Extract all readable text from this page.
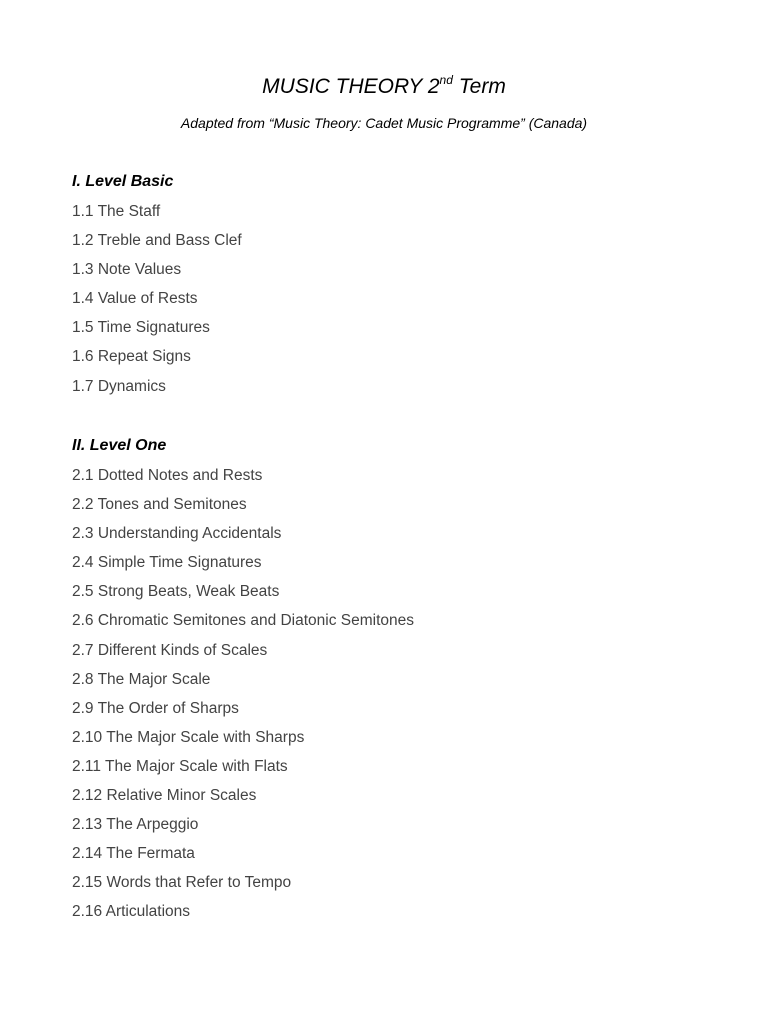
MUSIC THEORY 2nd Term

Adapted from “Music Theory: Cadet Music Programme” (Canada)

I. Level Basic
1.1 The Staff
1.2 Treble and Bass Clef
1.3 Note Values
1.4 Value of Rests
1.5 Time Signatures
1.6 Repeat Signs
1.7 Dynamics
II. Level One
2.1 Dotted Notes and Rests
2.2 Tones and Semitones
2.3 Understanding Accidentals
2.4 Simple Time Signatures
2.5 Strong Beats, Weak Beats
2.6 Chromatic Semitones and Diatonic Semitones
2.7 Different Kinds of Scales
2.8 The Major Scale
2.9 The Order of Sharps
2.10 The Major Scale with Sharps
2.11 The Major Scale with Flats
2.12 Relative Minor Scales
2.13 The Arpeggio
2.14 The Fermata
2.15 Words that Refer to Tempo
2.16 Articulations
